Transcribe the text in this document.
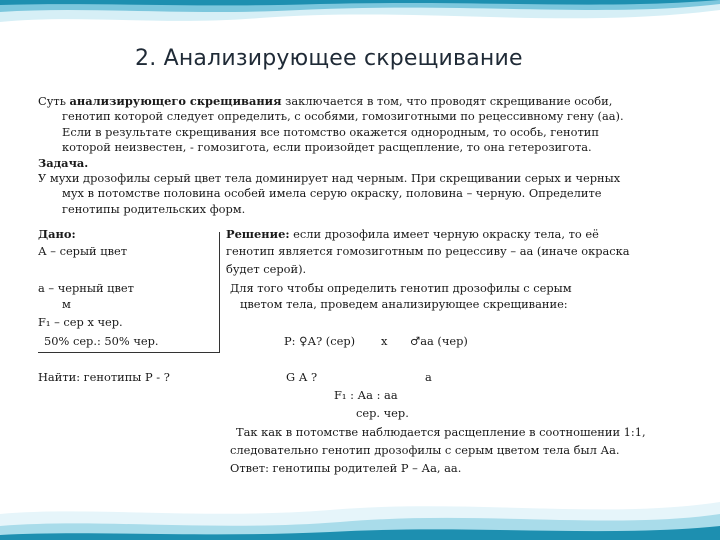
2. Анализирующее скрещивание

Суть анализирующего скрещивания заключается в том, что проводят скрещивание особи,

генотип которой следует определить, с особями, гомозиготными по рецессивному гену (аа).

Если в результате скрещивания все потомство окажется однородным, то особь, генотип

которой неизвестен, - гомозигота, если произойдет расщепление, то она гетерозигота.

Задача.

У мухи дрозофилы серый цвет тела доминирует над черным. При скрещивании серых и черных

мух в потомстве половина особей имела серую окраску, половина – черную. Определите

генотипы родительских форм.

Дано:	Решение: если дрозофила имеет черную окраску тела, то её
А – серый цвет	генотип является гомозиготным по рецессиву – аа (иначе окраска
будет серой).
а – черный цвет	Для того чтобы определить генотип дрозофилы с серым
м	цветом тела, проведем анализирующее скрещивание:
F₁ – сер х чер.
50% сер.: 50% чер.	Р: ♀А? (сер) х ♂аа (чер)
Найти: генотипы Р - ?	G А ?	а
F₁ : Аа : аа
сер. чер.
Так как в потомстве наблюдается расщепление в соотношении 1:1,
следовательно генотип дрозофилы с серым цветом тела был Аа.
Ответ: генотипы родителей Р – Аа, аа.
